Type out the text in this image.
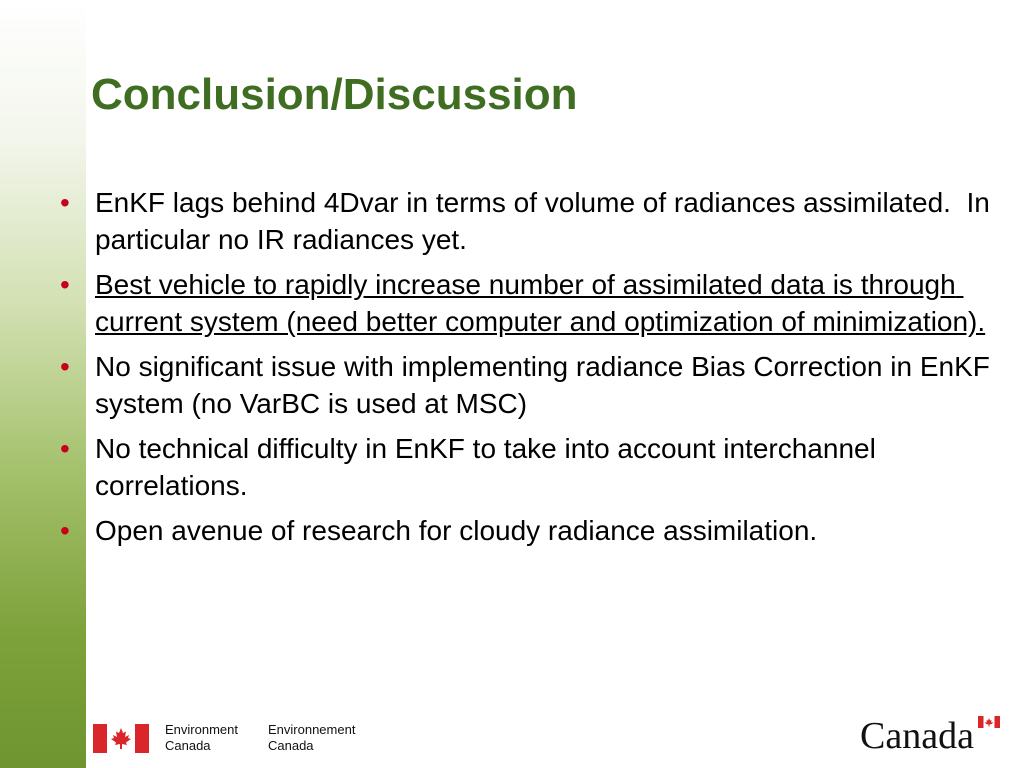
Conclusion/Discussion
• EnKF lags behind 4Dvar in terms of volume of radiances assimilated.  In particular no IR radiances yet.
• Best vehicle to rapidly increase number of assimilated data is through current system (need better computer and optimization of minimization).
• No significant issue with implementing radiance Bias Correction in EnKF system (no VarBC is used at MSC)
• No technical difficulty in EnKF to take into account interchannel correlations.
• Open avenue of research for cloudy radiance assimilation.
Environment
Canada
Environnement
Canada	Canada
